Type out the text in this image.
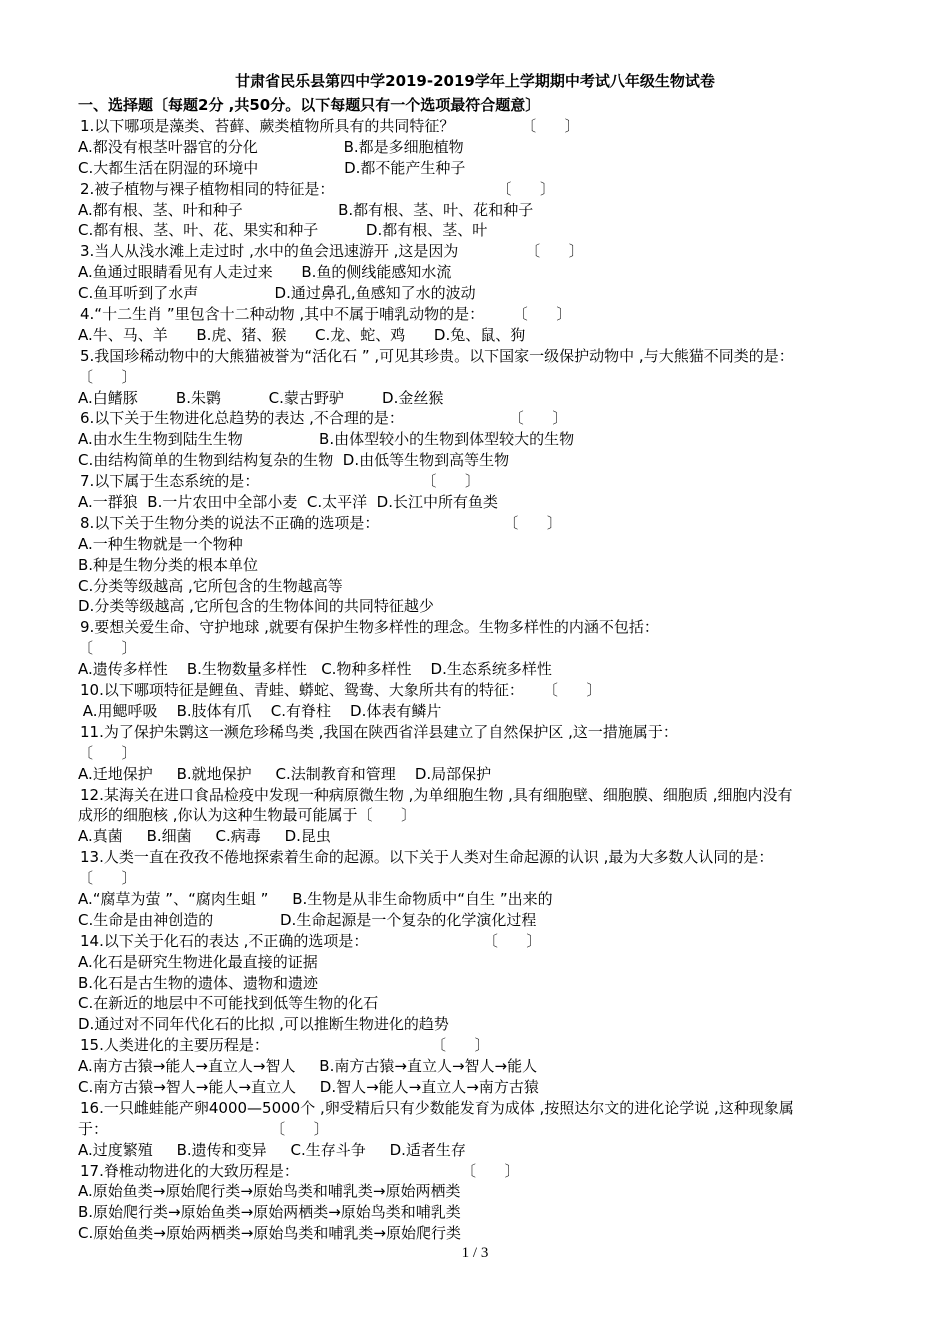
甘肃省民乐县第四中学2019-2019学年上学期期中考试八年级生物试卷
一、选择题〔每题2分 ,共50分。以下每题只有一个选项最符合题意〕
1.以下哪项是藻类、苔藓、蕨类植物所具有的共同特征？              〔      〕
A.都没有根茎叶器官的分化                  B.都是多细胞植物
C.大都生活在阴湿的环境中                  D.都不能产生种子
2.被子植物与裸子植物相同的特征是：                                  〔      〕
A.都有根、茎、叶和种子                    B.都有根、茎、叶、花和种子
C.都有根、茎、叶、花、果实和种子          D.都有根、茎、叶
3.当人从浅水滩上走过时 ,水中的鱼会迅速游开 ,这是因为              〔      〕
A.鱼通过眼睛看见有人走过来      B.鱼的侧线能感知水流
C.鱼耳听到了水声                D.通过鼻孔,鱼感知了水的波动
4.“十二生肖 ”里包含十二种动物 ,其中不属于哺乳动物的是：      〔      〕
A.牛、马、羊      B.虎、猪、猴      C.龙、蛇、鸡      D.兔、鼠、狗
5.我国珍稀动物中的大熊猫被誉为“活化石 ” ,可见其珍贵。以下国家一级保护动物中 ,与大熊猫不同类的是：
〔      〕
A.白鳍豚        B.朱鹮          C.蒙古野驴        D.金丝猴
6.以下关于生物进化总趋势的表达 ,不合理的是：                      〔      〕
A.由水生生物到陆生生物                B.由体型较小的生物到体型较大的生物
C.由结构简单的生物到结构复杂的生物  D.由低等生物到高等生物
7.以下属于生态系统的是：                                  〔      〕
A.一群狼  B.一片农田中全部小麦  C.太平洋  D.长江中所有鱼类
8.以下关于生物分类的说法不正确的选项是：                          〔      〕
A.一种生物就是一个物种
B.种是生物分类的根本单位
C.分类等级越高 ,它所包含的生物越高等
D.分类等级越高 ,它所包含的生物体间的共同特征越少
9.要想关爱生命、守护地球 ,就要有保护生物多样性的理念。生物多样性的内涵不包括：
〔      〕
A.遗传多样性    B.生物数量多样性   C.物种多样性    D.生态系统多样性
10.以下哪项特征是鲤鱼、青蛙、蟒蛇、鸳鸯、大象所共有的特征：    〔      〕
A.用鳃呼吸    B.肢体有爪    C.有脊柱    D.体表有鳞片
11.为了保护朱鹮这一濒危珍稀鸟类 ,我国在陕西省洋县建立了自然保护区 ,这一措施属于：
〔      〕
A.迁地保护     B.就地保护     C.法制教育和管理    D.局部保护
12.某海关在进口食品检疫中发现一种病原微生物 ,为单细胞生物 ,具有细胞壁、细胞膜、细胞质 ,细胞内没有
成形的细胞核 ,你认为这种生物最可能属于〔      〕
A.真菌     B.细菌     C.病毒     D.昆虫
13.人类一直在孜孜不倦地探索着生命的起源。以下关于人类对生命起源的认识 ,最为大多数人认同的是：
〔      〕
A.“腐草为萤 ”、“腐肉生蛆 ”     B.生物是从非生命物质中“自生 ”出来的
C.生命是由神创造的              D.生命起源是一个复杂的化学演化过程
14.以下关于化石的表达 ,不正确的选项是：                        〔      〕
A.化石是研究生物进化最直接的证据
B.化石是古生物的遗体、遗物和遗迹
C.在新近的地层中不可能找到低等生物的化石
D.通过对不同年代化石的比拟 ,可以推断生物进化的趋势
15.人类进化的主要历程是：                                  〔      〕
A.南方古猿→能人→直立人→智人     B.南方古猿→直立人→智人→能人
C.南方古猿→智人→能人→直立人     D.智人→能人→直立人→南方古猿
16.一只雌蛙能产卵4000—5000个 ,卵受精后只有少数能发育为成体 ,按照达尔文的进化论学说 ,这种现象属
于：                                  〔      〕
A.过度繁殖     B.遗传和变异     C.生存斗争     D.适者生存
17.脊椎动物进化的大致历程是：                                  〔      〕
A.原始鱼类→原始爬行类→原始鸟类和哺乳类→原始两栖类
B.原始爬行类→原始鱼类→原始两栖类→原始鸟类和哺乳类
C.原始鱼类→原始两栖类→原始鸟类和哺乳类→原始爬行类
1 / 3
